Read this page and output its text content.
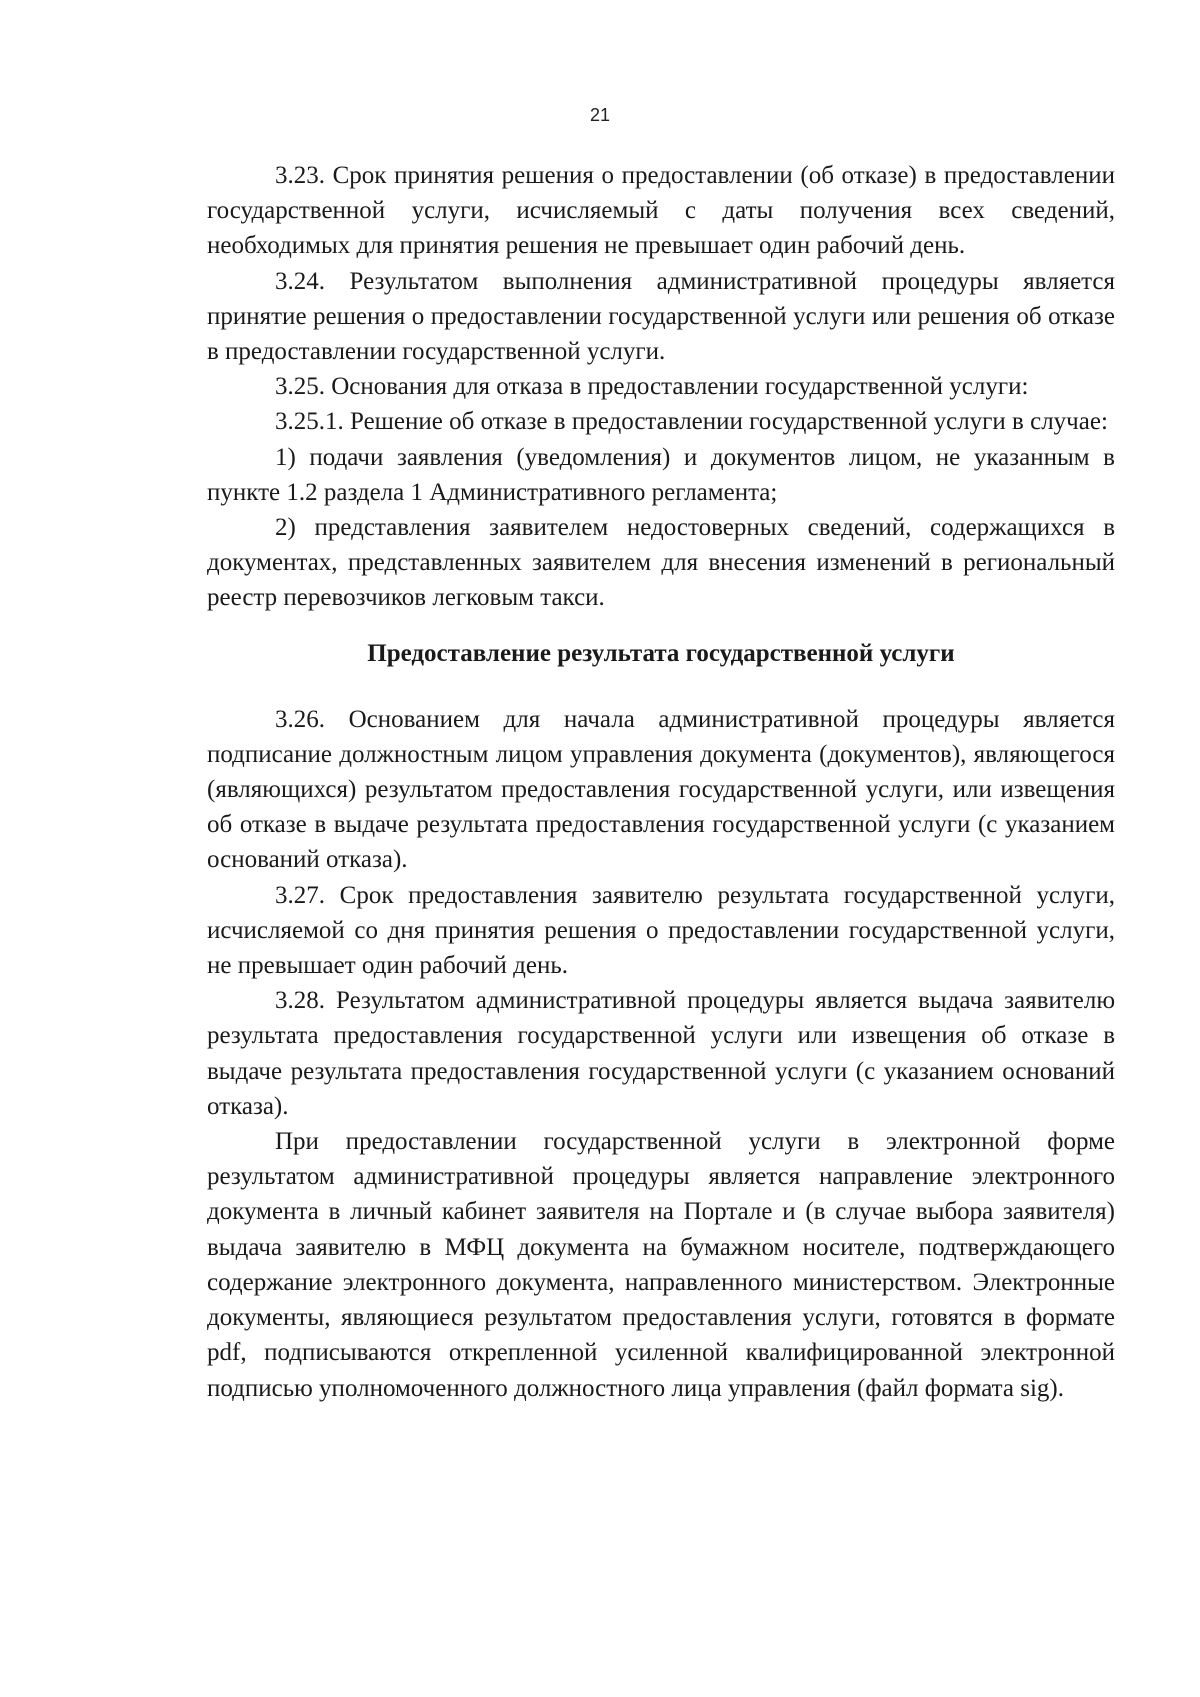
21

3.23. Срок принятия решения о предоставлении (об отказе) в предоставлении государственной услуги, исчисляемый с даты получения всех сведений, необходимых для принятия решения не превышает один рабочий день.

3.24. Результатом выполнения административной процедуры является принятие решения о предоставлении государственной услуги или решения об отказе в предоставлении государственной услуги.

3.25. Основания для отказа в предоставлении государственной услуги:

3.25.1. Решение об отказе в предоставлении государственной услуги в случае:

1) подачи заявления (уведомления) и документов лицом, не указанным в пункте 1.2 раздела 1 Административного регламента;

2) представления заявителем недостоверных сведений, содержащихся в документах, представленных заявителем для внесения изменений в региональный реестр перевозчиков легковым такси.

Предоставление результата государственной услуги

3.26. Основанием для начала административной процедуры является подписание должностным лицом управления документа (документов), являющегося (являющихся) результатом предоставления государственной услуги, или извещения об отказе в выдаче результата предоставления государственной услуги (с указанием оснований отказа).

3.27. Срок предоставления заявителю результата государственной услуги, исчисляемой со дня принятия решения о предоставлении государственной услуги, не превышает один рабочий день.

3.28. Результатом административной процедуры является выдача заявителю результата предоставления государственной услуги или извещения об отказе в выдаче результата предоставления государственной услуги (с указанием оснований отказа).

При предоставлении государственной услуги в электронной форме результатом административной процедуры является направление электронного документа в личный кабинет заявителя на Портале и (в случае выбора заявителя) выдача заявителю в МФЦ документа на бумажном носителе, подтверждающего содержание электронного документа, направленного министерством. Электронные документы, являющиеся результатом предоставления услуги, готовятся в формате pdf, подписываются открепленной усиленной квалифицированной электронной подписью уполномоченного должностного лица управления (файл формата sig).
